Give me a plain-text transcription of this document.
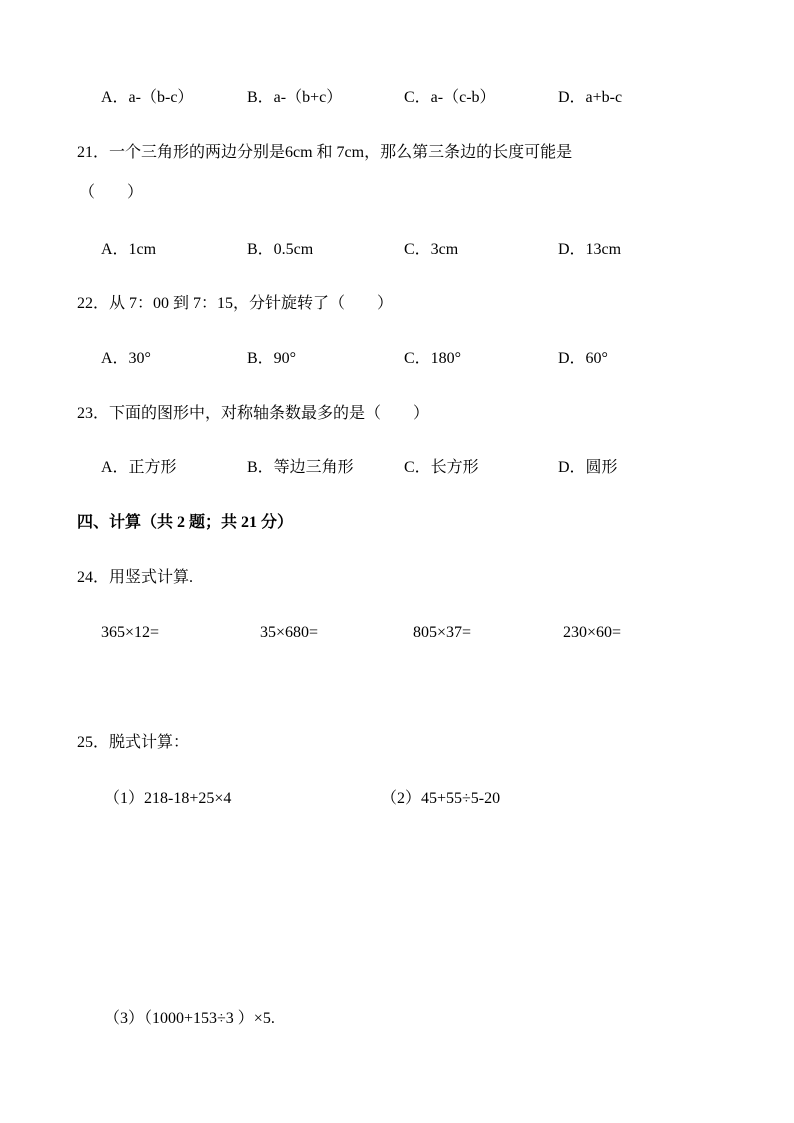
A．a-（b-c）	B．a-（b+c）	C．a-（c-b）	D．a+b-c
21．一个三角形的两边分别是6cm 和 7cm，那么第三条边的长度可能是
（　　）
A．1cm	B．0.5cm	C．3cm	D．13cm
22．从 7：00 到 7：15，分针旋转了（　　）
A．30°	B．90°	C．180°	D．60°
23．下面的图形中，对称轴条数最多的是（　　）
A．正方形	B．等边三角形	C．长方形	D．圆形
四、计算（共 2 题；共 21 分）
24．用竖式计算.
365×12=	35×680=	805×37=	230×60=
25．脱式计算：
（1）218-18+25×4	（2）45+55÷5-20
（3）（1000+153÷3 ）×5.
